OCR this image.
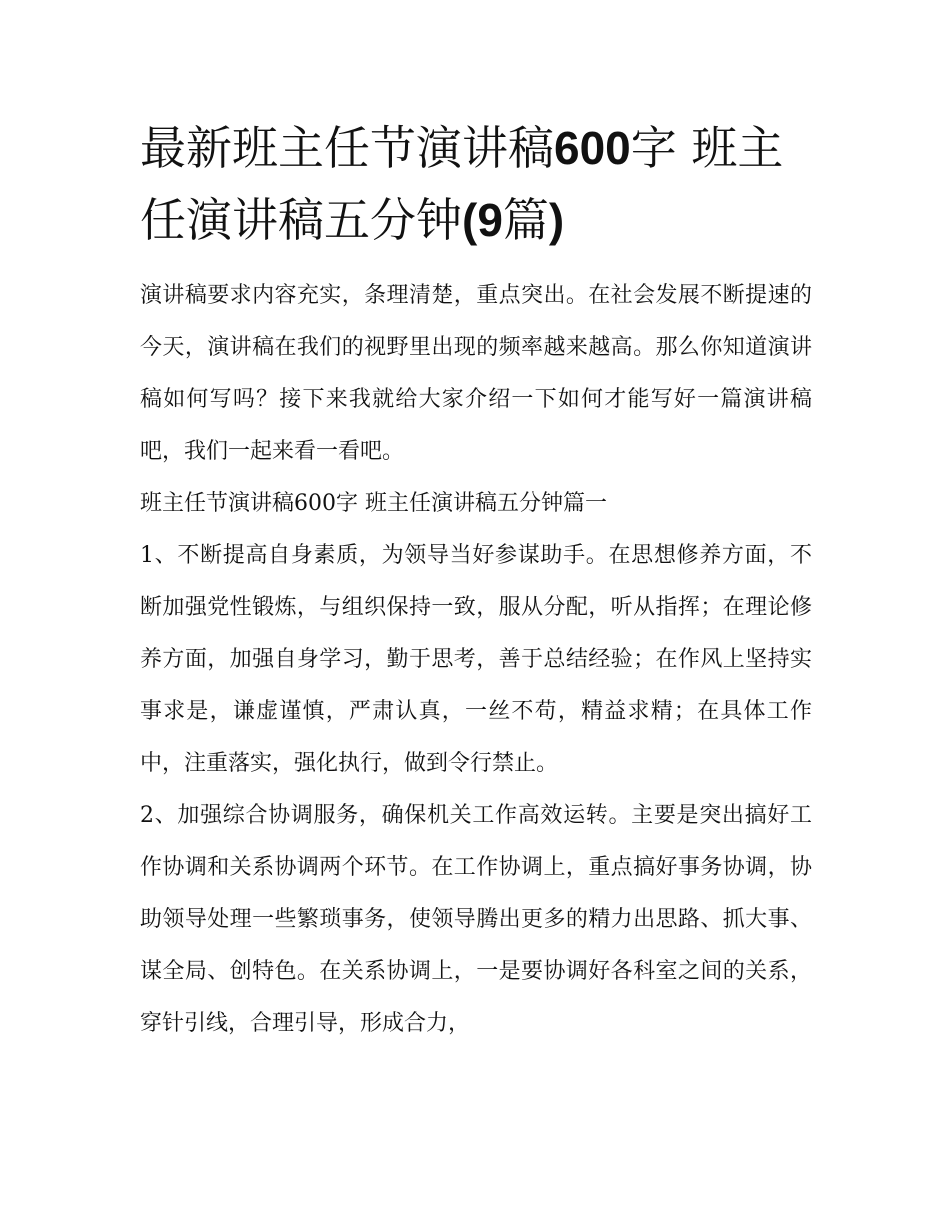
最新班主任节演讲稿600字 班主任演讲稿五分钟(9篇)

演讲稿要求内容充实，条理清楚，重点突出。在社会发展不断提速的今天，演讲稿在我们的视野里出现的频率越来越高。那么你知道演讲稿如何写吗？接下来我就给大家介绍一下如何才能写好一篇演讲稿吧，我们一起来看一看吧。

班主任节演讲稿600字 班主任演讲稿五分钟篇一

1、不断提高自身素质，为领导当好参谋助手。在思想修养方面，不断加强党性锻炼，与组织保持一致，服从分配，听从指挥；在理论修养方面，加强自身学习，勤于思考，善于总结经验；在作风上坚持实事求是，谦虚谨慎，严肃认真，一丝不苟，精益求精；在具体工作中，注重落实，强化执行，做到令行禁止。

2、加强综合协调服务，确保机关工作高效运转。主要是突出搞好工作协调和关系协调两个环节。在工作协调上，重点搞好事务协调，协助领导处理一些繁琐事务，使领导腾出更多的精力出思路、抓大事、谋全局、创特色。在关系协调上，一是要协调好各科室之间的关系，穿针引线，合理引导，形成合力，
